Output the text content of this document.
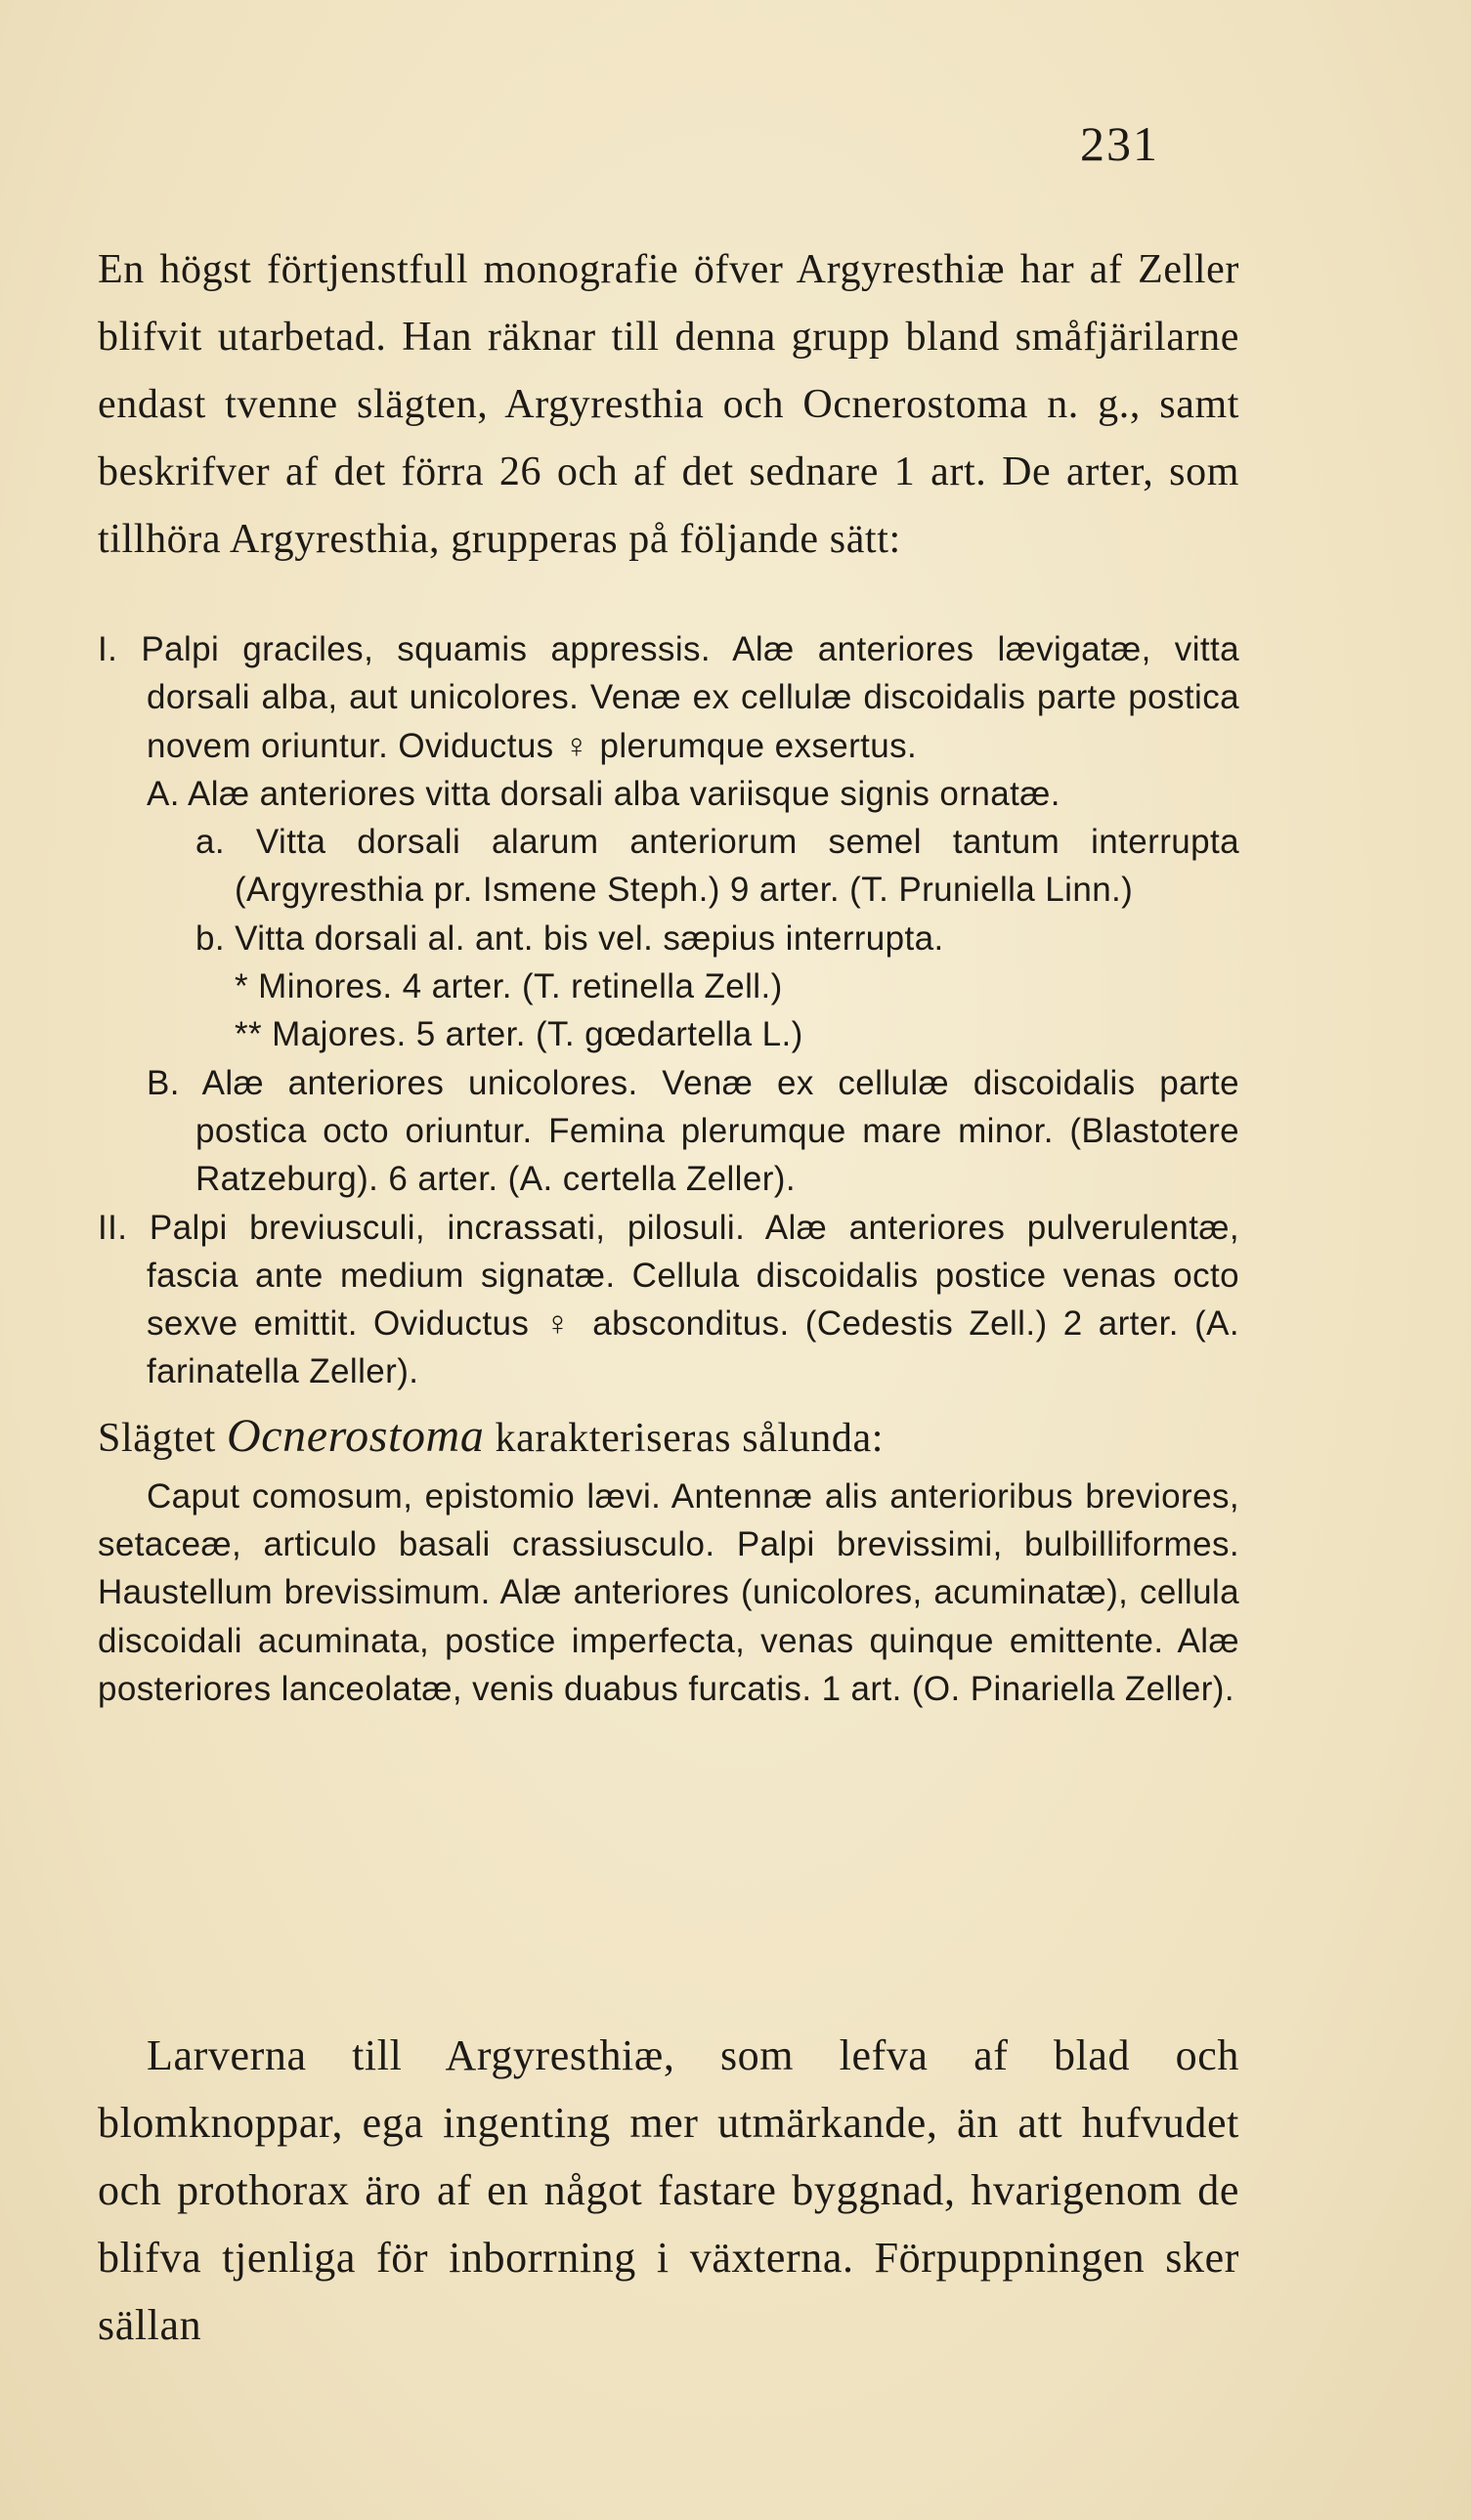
231

En högst förtjenstfull monografie öfver Argyresthiæ har af Zeller blifvit utarbetad. Han räknar till denna grupp bland småfjärilarne endast tvenne slägten, Argyresthia och Ocnerostoma n. g., samt beskrifver af det förra 26 och af det sednare 1 art. De arter, som tillhöra Argyresthia, grupperas på följande sätt:

I. Palpi graciles, squamis appressis. Alæ anteriores lævigatæ, vitta dorsali alba, aut unicolores. Venæ ex cellulæ discoidalis parte postica novem oriuntur. Oviductus ♀ plerumque exsertus.

A. Alæ anteriores vitta dorsali alba variisque signis ornatæ.

a. Vitta dorsali alarum anteriorum semel tantum interrupta (Argyresthia pr. Ismene Steph.) 9 arter. (T. Pruniella Linn.)

b. Vitta dorsali al. ant. bis vel. sæpius interrupta.

* Minores. 4 arter. (T. retinella Zell.)

** Majores. 5 arter. (T. gœdartella L.)

B. Alæ anteriores unicolores. Venæ ex cellulæ discoidalis parte postica octo oriuntur. Femina plerumque mare minor. (Blastotere Ratzeburg). 6 arter. (A. certella Zeller).

II. Palpi breviusculi, incrassati, pilosuli. Alæ anteriores pulverulentæ, fascia ante medium signatæ. Cellula discoidalis postice venas octo sexve emittit. Oviductus ♀ absconditus. (Cedestis Zell.) 2 arter. (A. farinatella Zeller).

Slägtet Ocnerostoma karakteriseras sålunda:

Caput comosum, epistomio lævi. Antennæ alis anterioribus breviores, setaceæ, articulo basali crassiusculo. Palpi brevissimi, bulbilliformes. Haustellum brevissimum. Alæ anteriores (unicolores, acuminatæ), cellula discoidali acuminata, postice imperfecta, venas quinque emittente. Alæ posteriores lanceolatæ, venis duabus furcatis. 1 art. (O. Pinariella Zeller).

Larverna till Argyresthiæ, som lefva af blad och blomknoppar, ega ingenting mer utmärkande, än att hufvudet och prothorax äro af en något fastare byggnad, hvarigenom de blifva tjenliga för inborrning i växterna. Förpuppningen sker sällan
